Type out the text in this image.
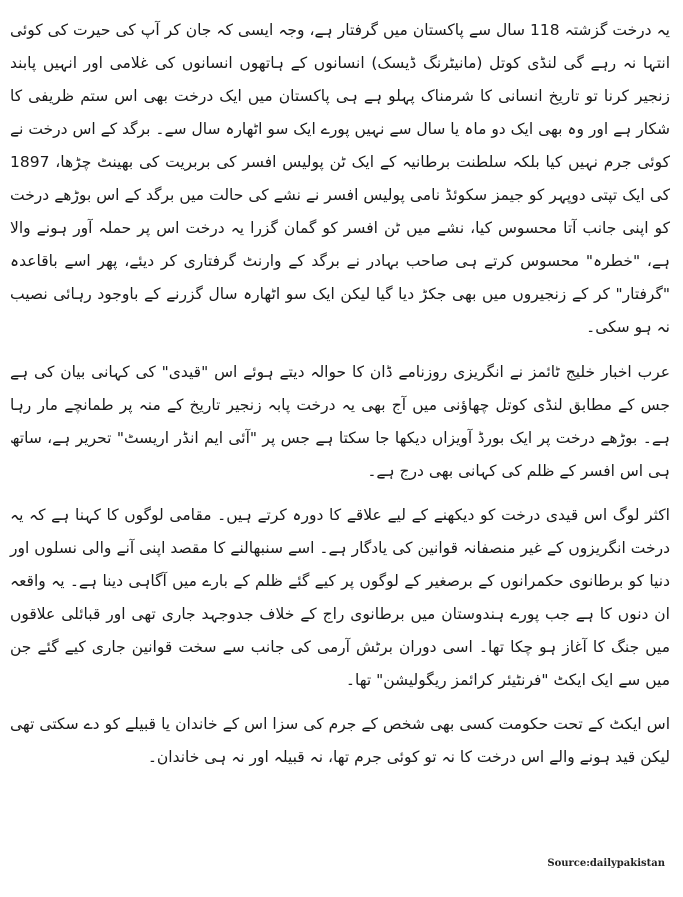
یہ درخت گزشتہ 118 سال سے پاکستان میں گرفتار ہے، وجہ ایسی کہ جان کر آپ کی حیرت کی کوئی انتہا نہ رہے گی لنڈی کوتل (مانیٹرنگ ڈیسک) انسانوں کے ہاتھوں انسانوں کی غلامی اور انہیں پابند زنجیر کرنا تو تاریخ انسانی کا شرمناک پہلو ہے ہی پاکستان میں ایک درخت بھی اس ستم ظریفی کا شکار ہے اور وہ بھی ایک دو ماہ یا سال سے نہیں پورے ایک سو اٹھارہ سال سے۔ برگد کے اس درخت نے کوئی جرم نہیں کیا بلکہ سلطنت برطانیہ کے ایک ٹن پولیس افسر کی بربریت کی بھینٹ چڑھا، 1897 کی ایک تپتی دوپہر کو جیمز سکوئڈ نامی پولیس افسر نے نشے کی حالت میں برگد کے اس بوڑھے درخت کو اپنی جانب آتا محسوس کیا، نشے میں ٹن افسر کو گمان گزرا یہ درخت اس پر حملہ آور ہونے والا ہے، "خطرہ" محسوس کرتے ہی صاحب بہادر نے برگد کے وارنٹ گرفتاری کر دیئے، پھر اسے باقاعدہ "گرفتار" کر کے زنجیروں میں بھی جکڑ دیا گیا لیکن ایک سو اٹھارہ سال گزرنے کے باوجود رہائی نصیب نہ ہو سکی۔

عرب اخبار خلیج ٹائمز نے انگریزی روزنامے ڈان کا حوالہ دیتے ہوئے اس "قیدی" کی کہانی بیان کی ہے جس کے مطابق لنڈی کوتل چھاؤنی میں آج بھی یہ درخت پابہ زنجیر تاریخ کے منہ پر طمانچے مار رہا ہے۔ بوڑھے درخت پر ایک بورڈ آویزاں دیکھا جا سکتا ہے جس پر "آئی ایم انڈر اریسٹ" تحریر ہے، ساتھ ہی اس افسر کے ظلم کی کہانی بھی درج ہے۔

اکثر لوگ اس قیدی درخت کو دیکھنے کے لیے علاقے کا دورہ کرتے ہیں۔ مقامی لوگوں کا کہنا ہے کہ یہ درخت انگریزوں کے غیر منصفانہ قوانین کی یادگار ہے۔ اسے سنبھالنے کا مقصد اپنی آنے والی نسلوں اور دنیا کو برطانوی حکمرانوں کے برصغیر کے لوگوں پر کیے گئے ظلم کے بارے میں آگاہی دینا ہے۔ یہ واقعہ ان دنوں کا ہے جب پورے ہندوستان میں برطانوی راج کے خلاف جدوجہد جاری تھی اور قبائلی علاقوں میں جنگ کا آغاز ہو چکا تھا۔ اسی دوران برٹش آرمی کی جانب سے سخت قوانین جاری کیے گئے جن میں سے ایک ایکٹ "فرنٹیئر کرائمز ریگولیشن" تھا۔

اس ایکٹ کے تحت حکومت کسی بھی شخص کے جرم کی سزا اس کے خاندان یا قبیلے کو دے سکتی تھی لیکن قید ہونے والے اس درخت کا نہ تو کوئی جرم تھا، نہ قبیلہ اور نہ ہی خاندان۔

Source:dailypakistan
